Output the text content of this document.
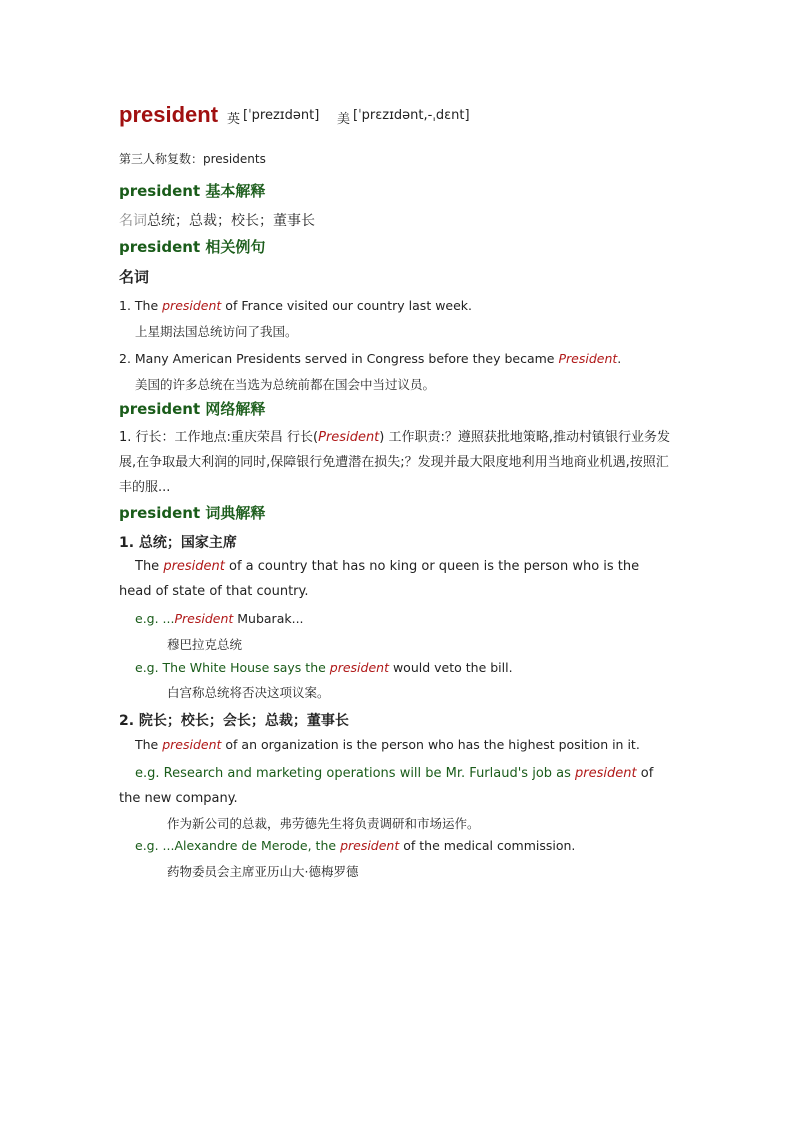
president 英 [ˈprezɪdənt] 美 [ˈprɛzɪdənt,-ˌdɛnt]
第三人称复数：presidents
president 基本解释
名词总统；总裁；校长；董事长
president 相关例句
名词
1. The president of France visited our country last week.
上星期法国总统访问了我国。
2. Many American Presidents served in Congress before they became President.
美国的许多总统在当选为总统前都在国会中当过议员。
president 网络解释
1. 行长：工作地点:重庆荣昌 行长(President) 工作职责:？遵照获批地策略,推动村镇银行业务发展,在争取最大利润的同时,保障银行免遭潜在损失;？发现并最大限度地利用当地商业机遇,按照汇丰的服...
president 词典解释
1. 总统；国家主席
The president of a country that has no king or queen is the person who is the head of state of that country.
e.g. ...President Mubarak...
穆巴拉克总统
e.g. The White House says the president would veto the bill.
白宫称总统将否决这项议案。
2. 院长；校长；会长；总裁；董事长
The president of an organization is the person who has the highest position in it.
e.g. Research and marketing operations will be Mr. Furlaud's job as president of the new company.
作为新公司的总裁，弗劳德先生将负责调研和市场运作。
e.g. ...Alexandre de Merode, the president of the medical commission.
药物委员会主席亚历山大·德梅罗德
